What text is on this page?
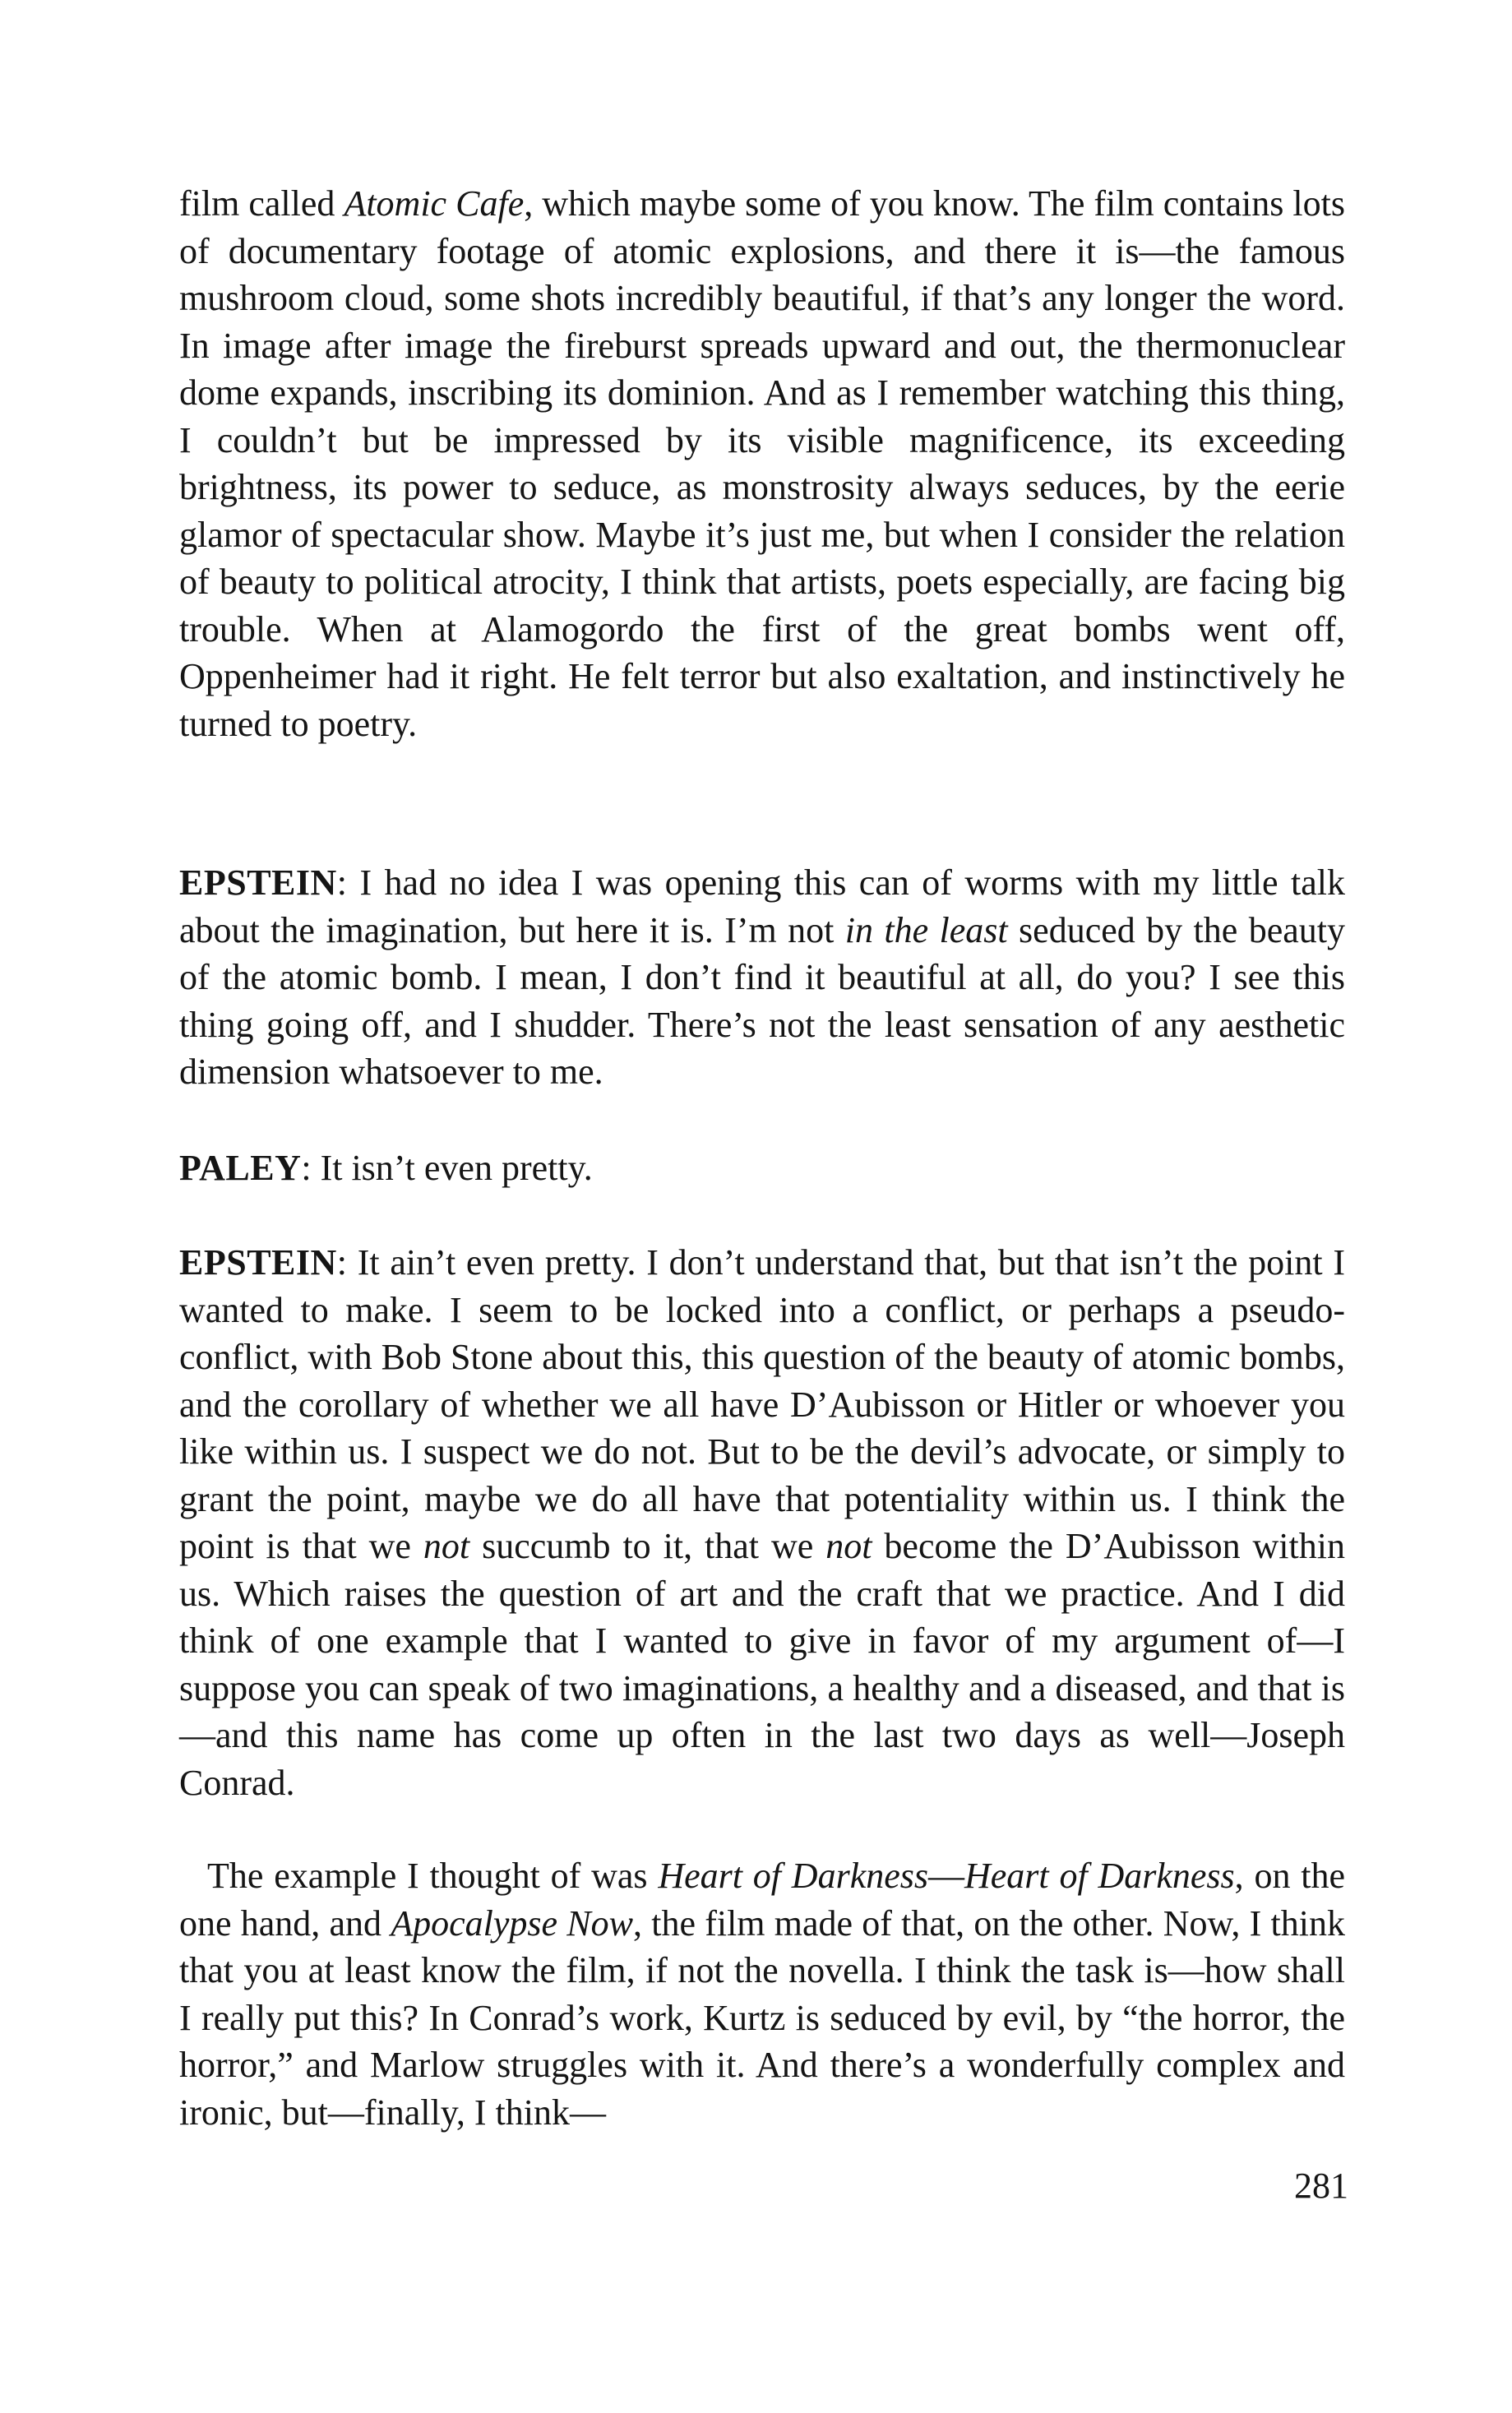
film called Atomic Cafe, which maybe some of you know. The film contains lots of documentary footage of atomic explosions, and there it is—the famous mushroom cloud, some shots incredibly beautiful, if that’s any longer the word. In image after image the fireburst spreads upward and out, the thermonuclear dome expands, inscribing its dominion. And as I remember watching this thing, I couldn’t but be impressed by its visible magnificence, its exceeding brightness, its power to seduce, as monstrosity always seduces, by the eerie glamor of spectacular show. Maybe it’s just me, but when I consider the relation of beauty to political atrocity, I think that artists, poets especially, are facing big trouble. When at Alamogordo the first of the great bombs went off, Oppenheimer had it right. He felt terror but also exaltation, and instinctively he turned to poetry.

EPSTEIN: I had no idea I was opening this can of worms with my little talk about the imagination, but here it is. I’m not in the least seduced by the beauty of the atomic bomb. I mean, I don’t find it beautiful at all, do you? I see this thing going off, and I shudder. There’s not the least sensation of any aesthetic dimension whatsoever to me.

PALEY: It isn’t even pretty.

EPSTEIN: It ain’t even pretty. I don’t understand that, but that isn’t the point I wanted to make. I seem to be locked into a conflict, or perhaps a pseudo-conflict, with Bob Stone about this, this question of the beauty of atomic bombs, and the corollary of whether we all have D’Aubisson or Hitler or whoever you like within us. I suspect we do not. But to be the devil’s advocate, or simply to grant the point, maybe we do all have that potentiality within us. I think the point is that we not succumb to it, that we not become the D’Aubisson within us. Which raises the question of art and the craft that we practice. And I did think of one example that I wanted to give in favor of my argument of—I suppose you can speak of two imaginations, a healthy and a diseased, and that is—and this name has come up often in the last two days as well—Joseph Conrad.

The example I thought of was Heart of Darkness—Heart of Darkness, on the one hand, and Apocalypse Now, the film made of that, on the other. Now, I think that you at least know the film, if not the novella. I think the task is—how shall I really put this? In Conrad’s work, Kurtz is seduced by evil, by “the horror, the horror,” and Marlow struggles with it. And there’s a wonderfully complex and ironic, but—finally, I think—

281
